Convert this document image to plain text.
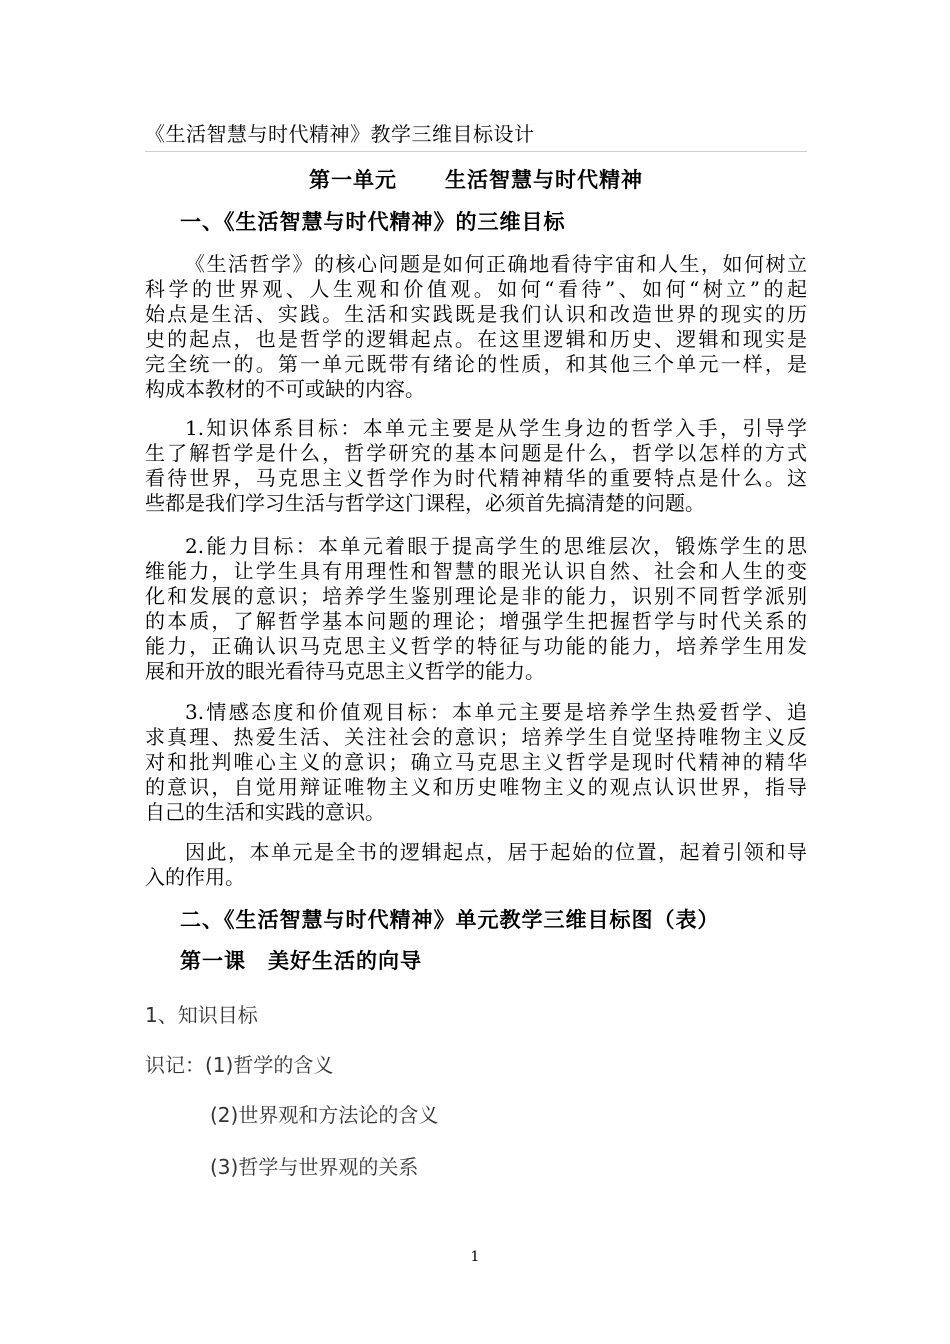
《生活智慧与时代精神》教学三维目标设计
第一单元 生活智慧与时代精神
一、《生活智慧与时代精神》的三维目标
《生活哲学》的核心问题是如何正确地看待宇宙和人生，如何树立
科学的世界观、人生观和价值观。如何“看待”、如何“树立”的起
始点是生活、实践。生活和实践既是我们认识和改造世界的现实的历
史的起点，也是哲学的逻辑起点。在这里逻辑和历史、逻辑和现实是
完全统一的。第一单元既带有绪论的性质，和其他三个单元一样，是
构成本教材的不可或缺的内容。
1.知识体系目标：本单元主要是从学生身边的哲学入手，引导学
生了解哲学是什么，哲学研究的基本问题是什么，哲学以怎样的方式
看待世界，马克思主义哲学作为时代精神精华的重要特点是什么。这
些都是我们学习生活与哲学这门课程，必须首先搞清楚的问题。
2.能力目标：本单元着眼于提高学生的思维层次，锻炼学生的思
维能力，让学生具有用理性和智慧的眼光认识自然、社会和人生的变
化和发展的意识；培养学生鉴别理论是非的能力，识别不同哲学派别
的本质，了解哲学基本问题的理论；增强学生把握哲学与时代关系的
能力，正确认识马克思主义哲学的特征与功能的能力，培养学生用发
展和开放的眼光看待马克思主义哲学的能力。
3.情感态度和价值观目标：本单元主要是培养学生热爱哲学、追
求真理、热爱生活、关注社会的意识；培养学生自觉坚持唯物主义反
对和批判唯心主义的意识；确立马克思主义哲学是现时代精神的精华
的意识，自觉用辩证唯物主义和历史唯物主义的观点认识世界，指导
自己的生活和实践的意识。
因此，本单元是全书的逻辑起点，居于起始的位置，起着引领和导
入的作用。
二、《生活智慧与时代精神》单元教学三维目标图（表）
第一课 美好生活的向导
1、知识目标
识记：(1)哲学的含义
(2)世界观和方法论的含义
(3)哲学与世界观的关系
1
